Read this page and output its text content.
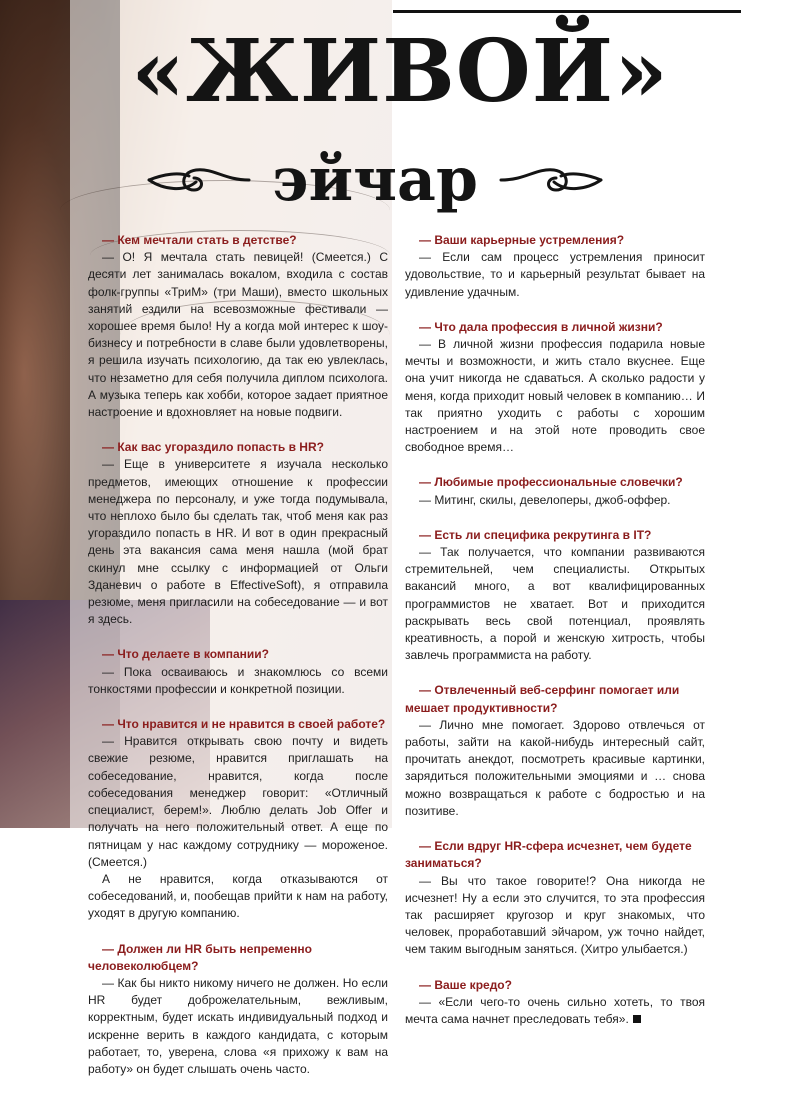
«ЖИВОЙ»
эйчар
— Кем мечтали стать в детстве?
— О! Я мечтала стать певицей! (Смеется.) С десяти лет занималась вокалом, входила с состав фолк-группы «ТриМ» (три Маши), вместо школьных занятий ездили на всевозможные фестивали — хорошее время было! Ну а когда мой интерес к шоу-бизнесу и потребности в славе были удовлетворены, я решила изучать психологию, да так ею увлеклась, что незаметно для себя получила диплом психолога. А музыка теперь как хобби, которое задает приятное настроение и вдохновляет на новые подвиги.
— Как вас угораздило попасть в HR?
— Еще в университете я изучала несколько предметов, имеющих отношение к профессии менеджера по персоналу, и уже тогда подумывала, что неплохо было бы сделать так, чтоб меня как раз угораздило попасть в HR. И вот в один прекрасный день эта вакансия сама меня нашла (мой брат скинул мне ссылку с информацией от Ольги Зданевич о работе в EffectiveSoft), я отправила резюме, меня пригласили на собеседование — и вот я здесь.
— Что делаете в компании?
— Пока осваиваюсь и знакомлюсь со всеми тонкостями профессии и конкретной позиции.
— Что нравится и не нравится в своей работе?
— Нравится открывать свою почту и видеть свежие резюме, нравится приглашать на собеседование, нравится, когда после собеседования менеджер говорит: «Отличный специалист, берем!». Люблю делать Job Offer и получать на него положительный ответ. А еще по пятницам у нас каждому сотруднику — мороженое. (Смеется.)
А не нравится, когда отказываются от собеседований, и, пообещав прийти к нам на работу, уходят в другую компанию.
— Должен ли HR быть непременно человеколюбцем?
— Как бы никто никому ничего не должен. Но если HR будет доброжелательным, вежливым, корректным, будет искать индивидуальный подход и искренне верить в каждого кандидата, с которым работает, то, уверена, слова «я прихожу к вам на работу» он будет слышать очень часто.
— Ваши карьерные устремления?
— Если сам процесс устремления приносит удовольствие, то и карьерный результат бывает на удивление удачным.
— Что дала профессия в личной жизни?
— В личной жизни профессия подарила новые мечты и возможности, и жить стало вкуснее. Еще она учит никогда не сдаваться. А сколько радости у меня, когда приходит новый человек в компанию… И так приятно уходить с работы с хорошим настроением и на этой ноте проводить свое свободное время…
— Любимые профессиональные словечки?
— Митинг, скилы, девелоперы, джоб-оффер.
— Есть ли специфика рекрутинга в IT?
— Так получается, что компании развиваются стремительней, чем специалисты. Открытых вакансий много, а вот квалифицированных программистов не хватает. Вот и приходится раскрывать весь свой потенциал, проявлять креативность, а порой и женскую хитрость, чтобы завлечь программиста на работу.
— Отвлеченный веб-серфинг помогает или мешает продуктивности?
— Лично мне помогает. Здорово отвлечься от работы, зайти на какой-нибудь интересный сайт, прочитать анекдот, посмотреть красивые картинки, зарядиться положительными эмоциями и … снова можно возвращаться к работе с бодростью и на позитиве.
— Если вдруг HR-сфера исчезнет, чем будете заниматься?
— Вы что такое говорите!? Она никогда не исчезнет! Ну а если это случится, то эта профессия так расширяет кругозор и круг знакомых, что человек, проработавший эйчаром, уж точно найдет, чем таким выгодным заняться. (Хитро улыбается.)
— Ваше кредо?
— «Если чего-то очень сильно хотеть, то твоя мечта сама начнет преследовать тебя».
